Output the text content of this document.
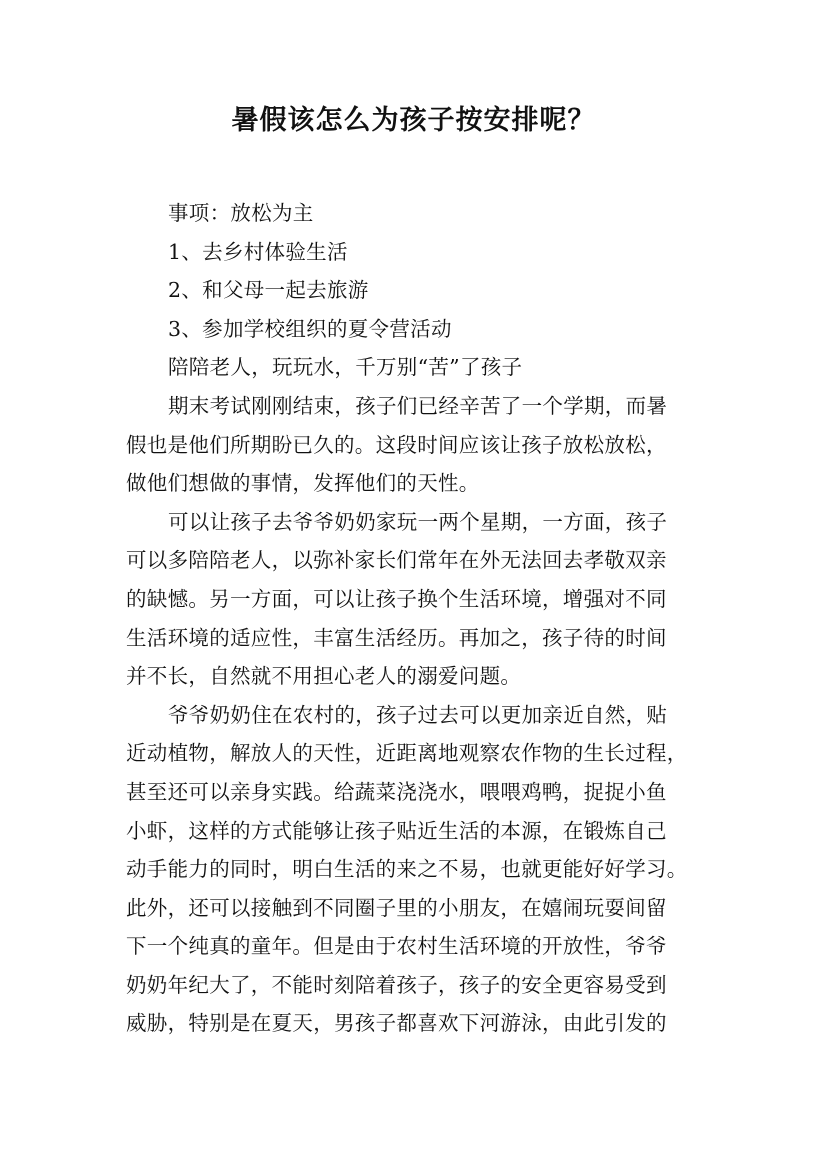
暑假该怎么为孩子按安排呢？
事项：放松为主
1、去乡村体验生活
2、和父母一起去旅游
3、参加学校组织的夏令营活动
陪陪老人，玩玩水，千万别“苦”了孩子
期末考试刚刚结束，孩子们已经辛苦了一个学期，而暑
假也是他们所期盼已久的。这段时间应该让孩子放松放松，
做他们想做的事情，发挥他们的天性。
可以让孩子去爷爷奶奶家玩一两个星期，一方面，孩子
可以多陪陪老人，以弥补家长们常年在外无法回去孝敬双亲
的缺憾。另一方面，可以让孩子换个生活环境，增强对不同
生活环境的适应性，丰富生活经历。再加之，孩子待的时间
并不长，自然就不用担心老人的溺爱问题。
爷爷奶奶住在农村的，孩子过去可以更加亲近自然，贴
近动植物，解放人的天性，近距离地观察农作物的生长过程，
甚至还可以亲身实践。给蔬菜浇浇水，喂喂鸡鸭，捉捉小鱼
小虾，这样的方式能够让孩子贴近生活的本源，在锻炼自己
动手能力的同时，明白生活的来之不易，也就更能好好学习。
此外，还可以接触到不同圈子里的小朋友，在嬉闹玩耍间留
下一个纯真的童年。但是由于农村生活环境的开放性，爷爷
奶奶年纪大了，不能时刻陪着孩子，孩子的安全更容易受到
威胁，特别是在夏天，男孩子都喜欢下河游泳，由此引发的
